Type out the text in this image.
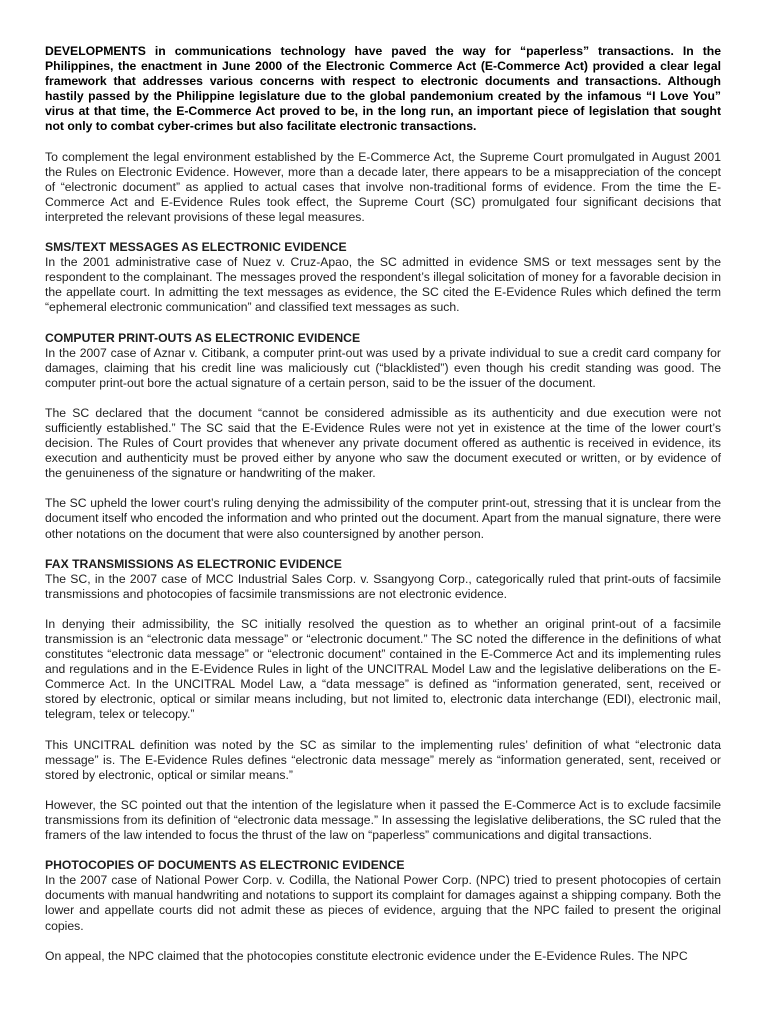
DEVELOPMENTS in communications technology have paved the way for “paperless” transactions. In the Philippines, the enactment in June 2000 of the Electronic Commerce Act (E-Commerce Act) provided a clear legal framework that addresses various concerns with respect to electronic documents and transactions. Although hastily passed by the Philippine legislature due to the global pandemonium created by the infamous “I Love You” virus at that time, the E-Commerce Act proved to be, in the long run, an important piece of legislation that sought not only to combat cyber-crimes but also facilitate electronic transactions.

To complement the legal environment established by the E-Commerce Act, the Supreme Court promulgated in August 2001 the Rules on Electronic Evidence. However, more than a decade later, there appears to be a misappreciation of the concept of “electronic document” as applied to actual cases that involve non-traditional forms of evidence. From the time the E-Commerce Act and E-Evidence Rules took effect, the Supreme Court (SC) promulgated four significant decisions that interpreted the relevant provisions of these legal measures.

SMS/TEXT MESSAGES AS ELECTRONIC EVIDENCE

In the 2001 administrative case of Nuez v. Cruz-Apao, the SC admitted in evidence SMS or text messages sent by the respondent to the complainant. The messages proved the respondent’s illegal solicitation of money for a favorable decision in the appellate court. In admitting the text messages as evidence, the SC cited the E-Evidence Rules which defined the term “ephemeral electronic communication” and classified text messages as such.

COMPUTER PRINT-OUTS AS ELECTRONIC EVIDENCE

In the 2007 case of Aznar v. Citibank, a computer print-out was used by a private individual to sue a credit card company for damages, claiming that his credit line was maliciously cut (“blacklisted”) even though his credit standing was good. The computer print-out bore the actual signature of a certain person, said to be the issuer of the document.

The SC declared that the document “cannot be considered admissible as its authenticity and due execution were not sufficiently established.” The SC said that the E-Evidence Rules were not yet in existence at the time of the lower court’s decision. The Rules of Court provides that whenever any private document offered as authentic is received in evidence, its execution and authenticity must be proved either by anyone who saw the document executed or written, or by evidence of the genuineness of the signature or handwriting of the maker.

The SC upheld the lower court’s ruling denying the admissibility of the computer print-out, stressing that it is unclear from the document itself who encoded the information and who printed out the document. Apart from the manual signature, there were other notations on the document that were also countersigned by another person.

FAX TRANSMISSIONS AS ELECTRONIC EVIDENCE

The SC, in the 2007 case of MCC Industrial Sales Corp. v. Ssangyong Corp., categorically ruled that print-outs of facsimile transmissions and photocopies of facsimile transmissions are not electronic evidence.

In denying their admissibility, the SC initially resolved the question as to whether an original print-out of a facsimile transmission is an “electronic data message” or “electronic document.” The SC noted the difference in the definitions of what constitutes “electronic data message” or “electronic document” contained in the E-Commerce Act and its implementing rules and regulations and in the E-Evidence Rules in light of the UNCITRAL Model Law and the legislative deliberations on the E-Commerce Act. In the UNCITRAL Model Law, a “data message” is defined as “information generated, sent, received or stored by electronic, optical or similar means including, but not limited to, electronic data interchange (EDI), electronic mail, telegram, telex or telecopy.”

This UNCITRAL definition was noted by the SC as similar to the implementing rules’ definition of what “electronic data message” is. The E-Evidence Rules defines “electronic data message” merely as “information generated, sent, received or stored by electronic, optical or similar means.”

However, the SC pointed out that the intention of the legislature when it passed the E-Commerce Act is to exclude facsimile transmissions from its definition of “electronic data message.” In assessing the legislative deliberations, the SC ruled that the framers of the law intended to focus the thrust of the law on “paperless” communications and digital transactions.

PHOTOCOPIES OF DOCUMENTS AS ELECTRONIC EVIDENCE

In the 2007 case of National Power Corp. v. Codilla, the National Power Corp. (NPC) tried to present photocopies of certain documents with manual handwriting and notations to support its complaint for damages against a shipping company. Both the lower and appellate courts did not admit these as pieces of evidence, arguing that the NPC failed to present the original copies.

On appeal, the NPC claimed that the photocopies constitute electronic evidence under the E-Evidence Rules. The NPC
